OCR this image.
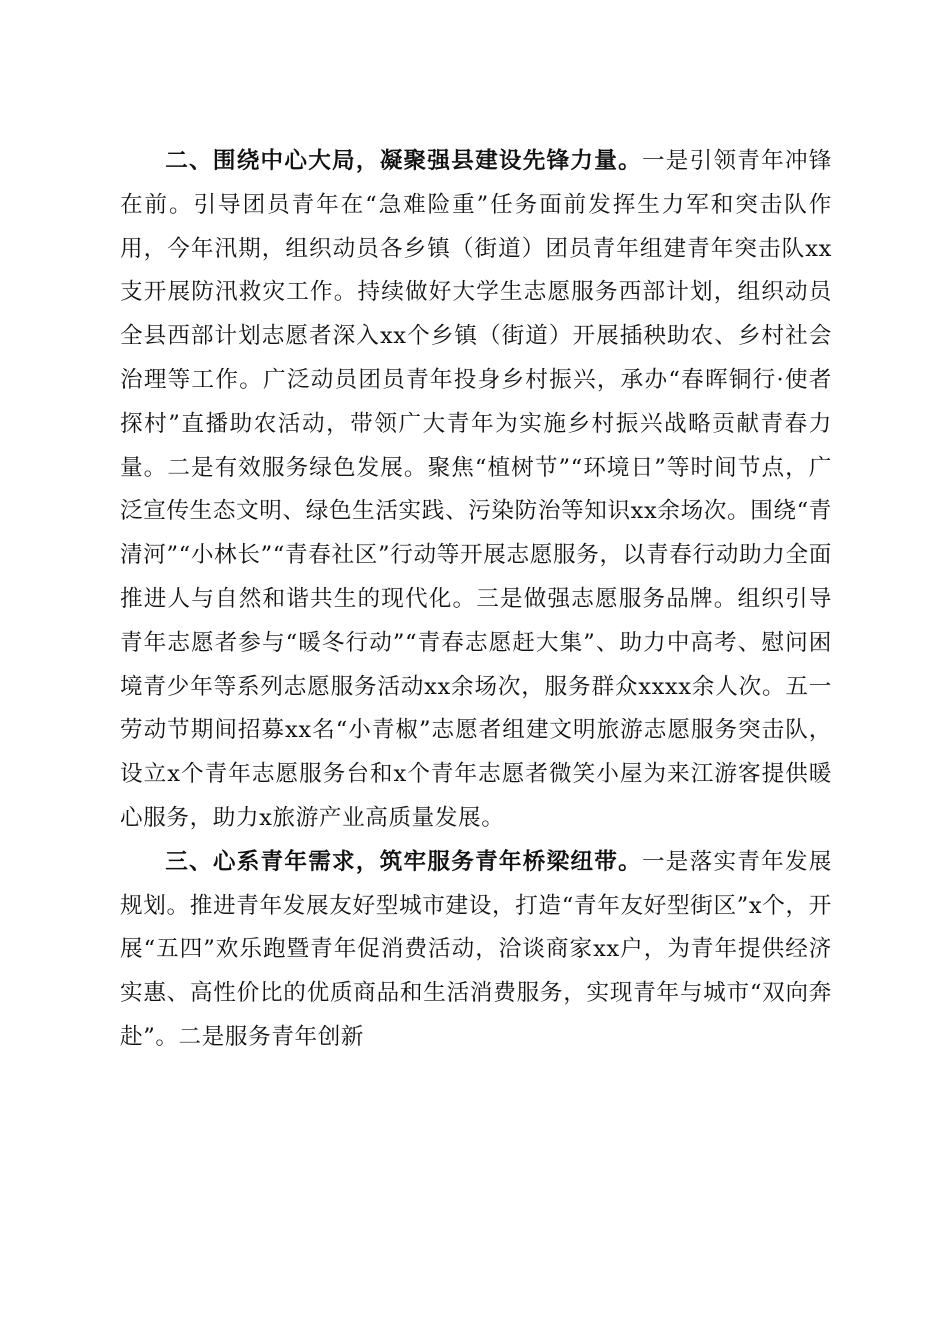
二、围绕中心大局，凝聚强县建设先锋力量。一是引领青年冲锋在前。引导团员青年在“急难险重”任务面前发挥生力军和突击队作用，今年汛期，组织动员各乡镇（街道）团员青年组建青年突击队xx支开展防汛救灾工作。持续做好大学生志愿服务西部计划，组织动员全县西部计划志愿者深入xx个乡镇（街道）开展插秧助农、乡村社会治理等工作。广泛动员团员青年投身乡村振兴，承办“春晖铜行·使者探村”直播助农活动，带领广大青年为实施乡村振兴战略贡献青春力量。二是有效服务绿色发展。聚焦“植树节”“环境日”等时间节点，广泛宣传生态文明、绿色生活实践、污染防治等知识xx余场次。围绕“青清河”“小林长”“青春社区”行动等开展志愿服务，以青春行动助力全面推进人与自然和谐共生的现代化。三是做强志愿服务品牌。组织引导青年志愿者参与“暖冬行动”“青春志愿赶大集”、助力中高考、慰问困境青少年等系列志愿服务活动xx余场次，服务群众xxxx余人次。五一劳动节期间招募xx名“小青椒”志愿者组建文明旅游志愿服务突击队，设立x个青年志愿服务台和x个青年志愿者微笑小屋为来江游客提供暖心服务，助力x旅游产业高质量发展。

三、心系青年需求，筑牢服务青年桥梁纽带。一是落实青年发展规划。推进青年发展友好型城市建设，打造“青年友好型街区”x个，开展“五四”欢乐跑暨青年促消费活动，洽谈商家xx户，为青年提供经济实惠、高性价比的优质商品和生活消费服务，实现青年与城市“双向奔赴”。二是服务青年创新
